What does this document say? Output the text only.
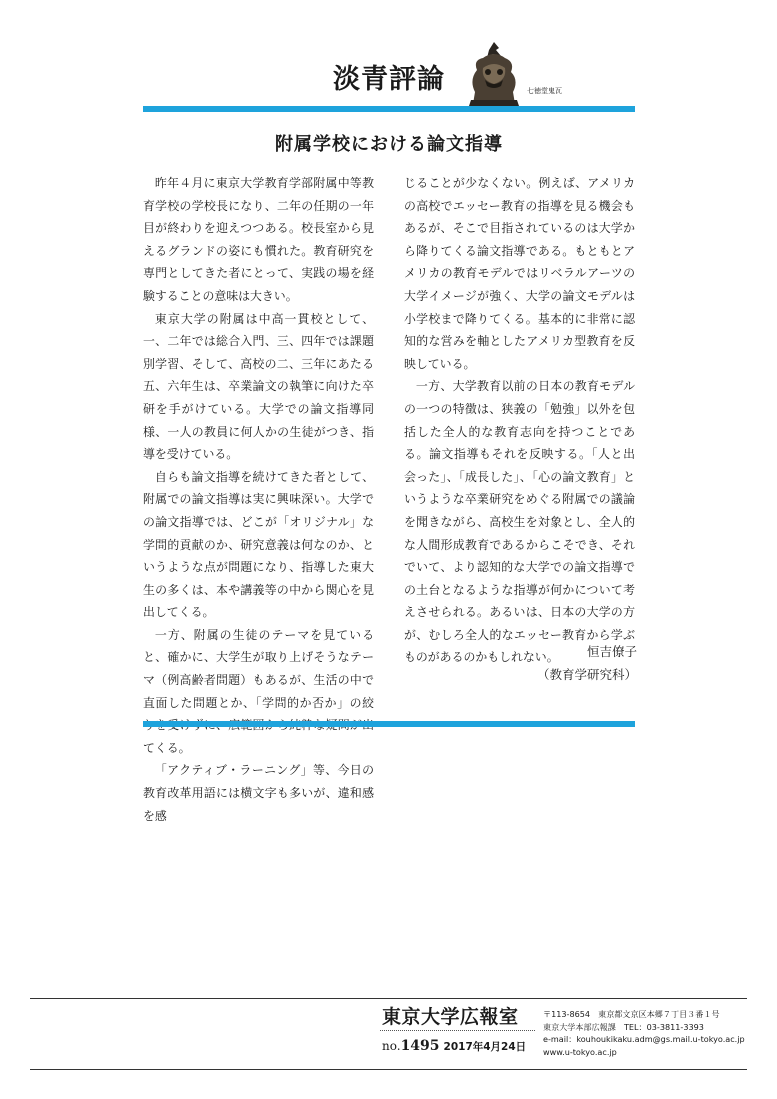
淡青評論	七徳堂鬼瓦
附属学校における論文指導

昨年４月に東京大学教育学部附属中等教育学校の学校長になり、二年の任期の一年目が終わりを迎えつつある。校長室から見えるグランドの姿にも慣れた。教育研究を専門としてきた者にとって、実践の場を経験することの意味は大きい。

東京大学の附属は中高一貫校として、一、二年では総合入門、三、四年では課題別学習、そして、高校の二、三年にあたる五、六年生は、卒業論文の執筆に向けた卒研を手がけている。大学での論文指導同様、一人の教員に何人かの生徒がつき、指導を受けている。

自らも論文指導を続けてきた者として、附属での論文指導は実に興味深い。大学での論文指導では、どこが「オリジナル」な学問的貢献のか、研究意義は何なのか、というような点が問題になり、指導した東大生の多くは、本や講義等の中から関心を見出してくる。

一方、附属の生徒のテーマを見ていると、確かに、大学生が取り上げそうなテーマ（例高齢者問題）もあるが、生活の中で直面した問題とか、「学問的か否か」の絞 てくる。

「アクティブ・ラーニング」等、今日の教育改革用語には横文字も多いが、違和感を感

じることが少なくない。例えば、アメリカの高校でエッセー教育の指導を見る機会もあるが、そこで目指されているのは大学から降りてくる論文指導である。もともとアメリカの教育モデルではリベラルアーツの大学イメージが強く、大学の論文モデルは小学校まで降りてくる。基本的に非常に認知的な営みを軸としたアメリカ型教育を反映している。

一方、大学教育以前の日本の教育モデルの一つの特徴は、狭義の「勉強」以外を包括した全人的な教育志向を持つことである。論文指導もそれを反映する。「人と出会った」、「成長した」、「心の論文教育」というような卒業研究をめぐる附属での議論を聞きながら、高校生を対象とし、全人的な人間形成教育であるからこそでき、それでいて、より認知的な大学での論文指導での土台となるような指導が何かについて考えさせられる。あるいは、日本の大学の方が、むしろ全人的なエッセー教育から学ぶものがあるのかもしれない。	恒吉僚子
（教育学研究科）
東京大学広報室
no.1495 2017年4月24日
〒113-8654　東京都文京区本郷７丁目３番１号
東京大学本部広報課　TEL：03-3811-3393
e-mail：kouhoukikaku.adm@gs.mail.u-tokyo.ac.jp
www.u-tokyo.ac.jp
